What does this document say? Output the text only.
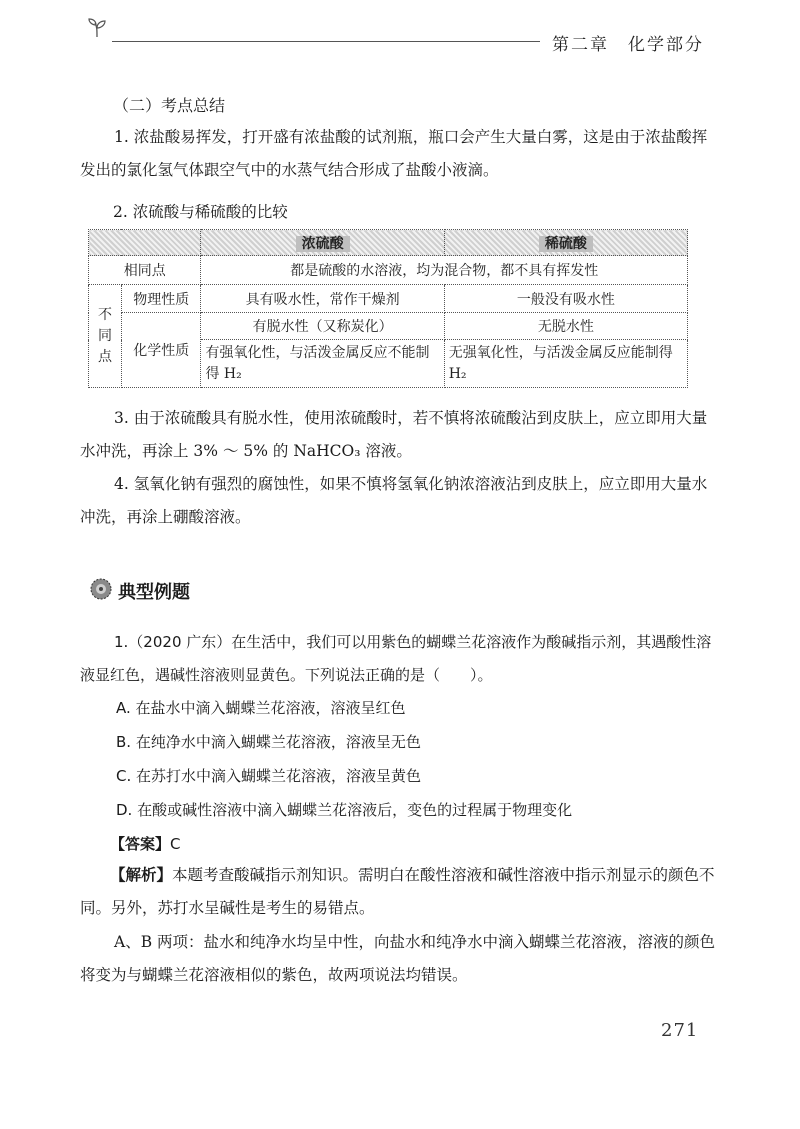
第二章　化学部分
（二）考点总结
1. 浓盐酸易挥发，打开盛有浓盐酸的试剂瓶，瓶口会产生大量白雾，这是由于浓盐酸挥发出的氯化氢气体跟空气中的水蒸气结合形成了盐酸小液滴。
2. 浓硫酸与稀硫酸的比较
		浓硫酸	稀硫酸
相同点		都是硫酸的水溶液，均为混合物，都不具有挥发性	
不同点	物理性质	具有吸水性，常作干燥剂	一般没有吸水性
	化学性质	有脱水性（又称炭化）	无脱水性
		有强氧化性，与活泼金属反应不能制得 H₂	无强氧化性，与活泼金属反应能制得 H₂
3. 由于浓硫酸具有脱水性，使用浓硫酸时，若不慎将浓硫酸沾到皮肤上，应立即用大量水冲洗，再涂上 3% ～ 5% 的 NaHCO₃ 溶液。
4. 氢氧化钠有强烈的腐蚀性，如果不慎将氢氧化钠浓溶液沾到皮肤上，应立即用大量水冲洗，再涂上硼酸溶液。
典型例题
1.（2020 广东）在生活中，我们可以用紫色的蝴蝶兰花溶液作为酸碱指示剂，其遇酸性溶液显红色，遇碱性溶液则显黄色。下列说法正确的是（　　）。
A. 在盐水中滴入蝴蝶兰花溶液，溶液呈红色
B. 在纯净水中滴入蝴蝶兰花溶液，溶液呈无色
C. 在苏打水中滴入蝴蝶兰花溶液，溶液呈黄色
D. 在酸或碱性溶液中滴入蝴蝶兰花溶液后，变色的过程属于物理变化
【答案】C
【解析】本题考查酸碱指示剂知识。需明白在酸性溶液和碱性溶液中指示剂显示的颜色不同。另外，苏打水呈碱性是考生的易错点。
A、B 两项：盐水和纯净水均呈中性，向盐水和纯净水中滴入蝴蝶兰花溶液，溶液的颜色将变为与蝴蝶兰花溶液相似的紫色，故两项说法均错误。
271
